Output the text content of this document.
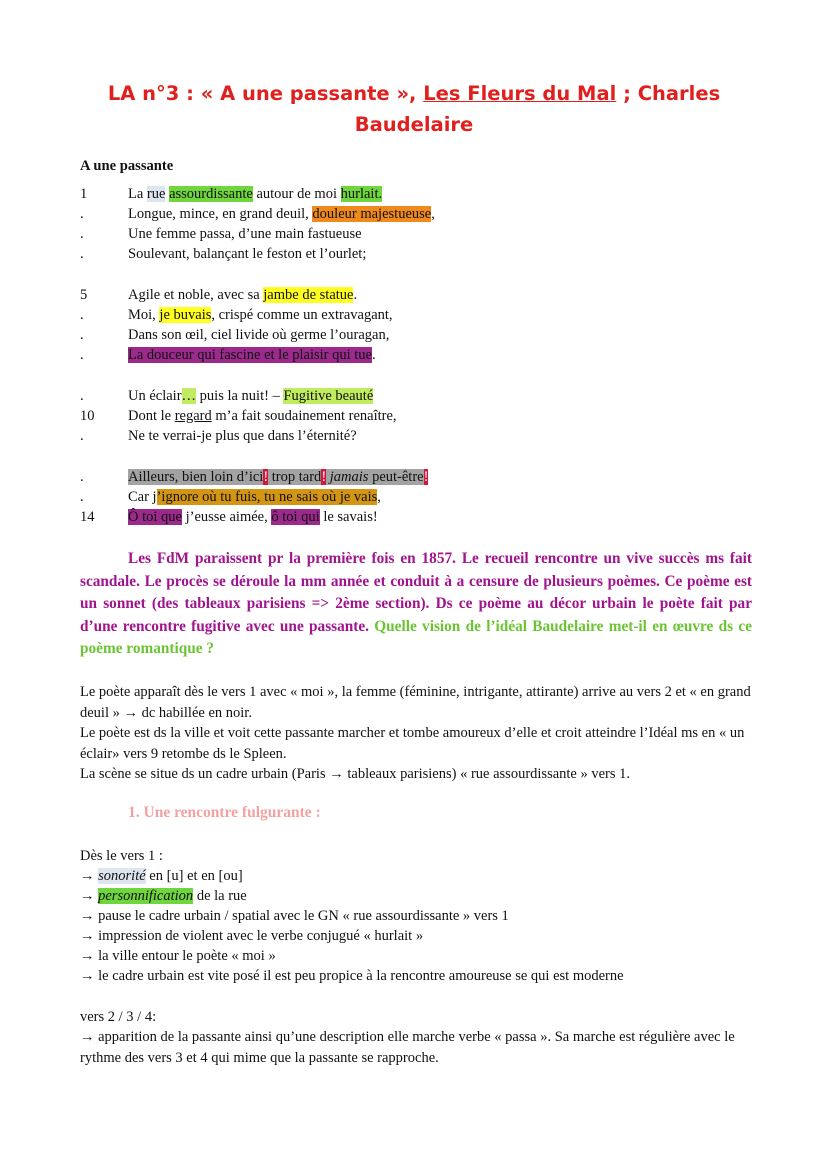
LA n°3 : « A une passante », Les Fleurs du Mal ; Charles Baudelaire
A une passante
1	La rue assourdissante autour de moi hurlait.
.	Longue, mince, en grand deuil, douleur majestueuse,
.	Une femme passa, d’une main fastueuse
.	Soulevant, balançant le feston et l’ourlet;
5	Agile et noble, avec sa jambe de statue.
.	Moi, je buvais, crispé comme un extravagant,
.	Dans son œil, ciel livide où germe l’ouragan,
.	La douceur qui fascine et le plaisir qui tue.
.	Un éclair… puis la nuit! – Fugitive beauté
10 Dont le regard m’a fait soudainement renaître,
.	Ne te verrai-je plus que dans l’éternité?
.	Ailleurs, bien loin d’ici! trop tard! jamais peut-être!
.	Car j’ignore où tu fuis, tu ne sais où je vais,
14 Ô toi que j’eusse aimée, ô toi qui le savais!
Les FdM paraissent pr la première fois en 1857. Le recueil rencontre un vive succès ms fait scandale. Le procès se déroule la mm année et conduit à a censure de plusieurs poèmes. Ce poème est un sonnet (des tableaux parisiens => 2ème section). Ds ce poème au décor urbain le poète fait par d’une rencontre fugitive avec une passante. Quelle vision de l’idéal Baudelaire met-il en œuvre ds ce poème romantique ?
Le poète apparaît dès le vers 1 avec « moi », la femme (féminine, intrigante, attirante) arrive au vers 2 et « en grand deuil » → dc habillée en noir.
Le poète est ds la ville et voit cette passante marcher et tombe amoureux d’elle et croit atteindre l’Idéal ms en « un éclair» vers 9 retombe ds le Spleen.
La scène se situe ds un cadre urbain (Paris → tableaux parisiens) « rue assourdissante » vers 1.
1. Une rencontre fulgurante :
Dès le vers 1 :
→ sonorité en [u] et en [ou]
→ personnification de la rue
→ pause le cadre urbain / spatial avec le GN « rue assourdissante » vers 1
→ impression de violent avec le verbe conjugué « hurlait »
→ la ville entour le poète « moi »
→ le cadre urbain est vite posé il est peu propice à la rencontre amoureuse se qui est moderne
vers 2 / 3 / 4:
→ apparition de la passante ainsi qu’une description elle marche verbe « passa ». Sa marche est régulière avec le rythme des vers 3 et 4 qui mime que la passante se rapproche.
